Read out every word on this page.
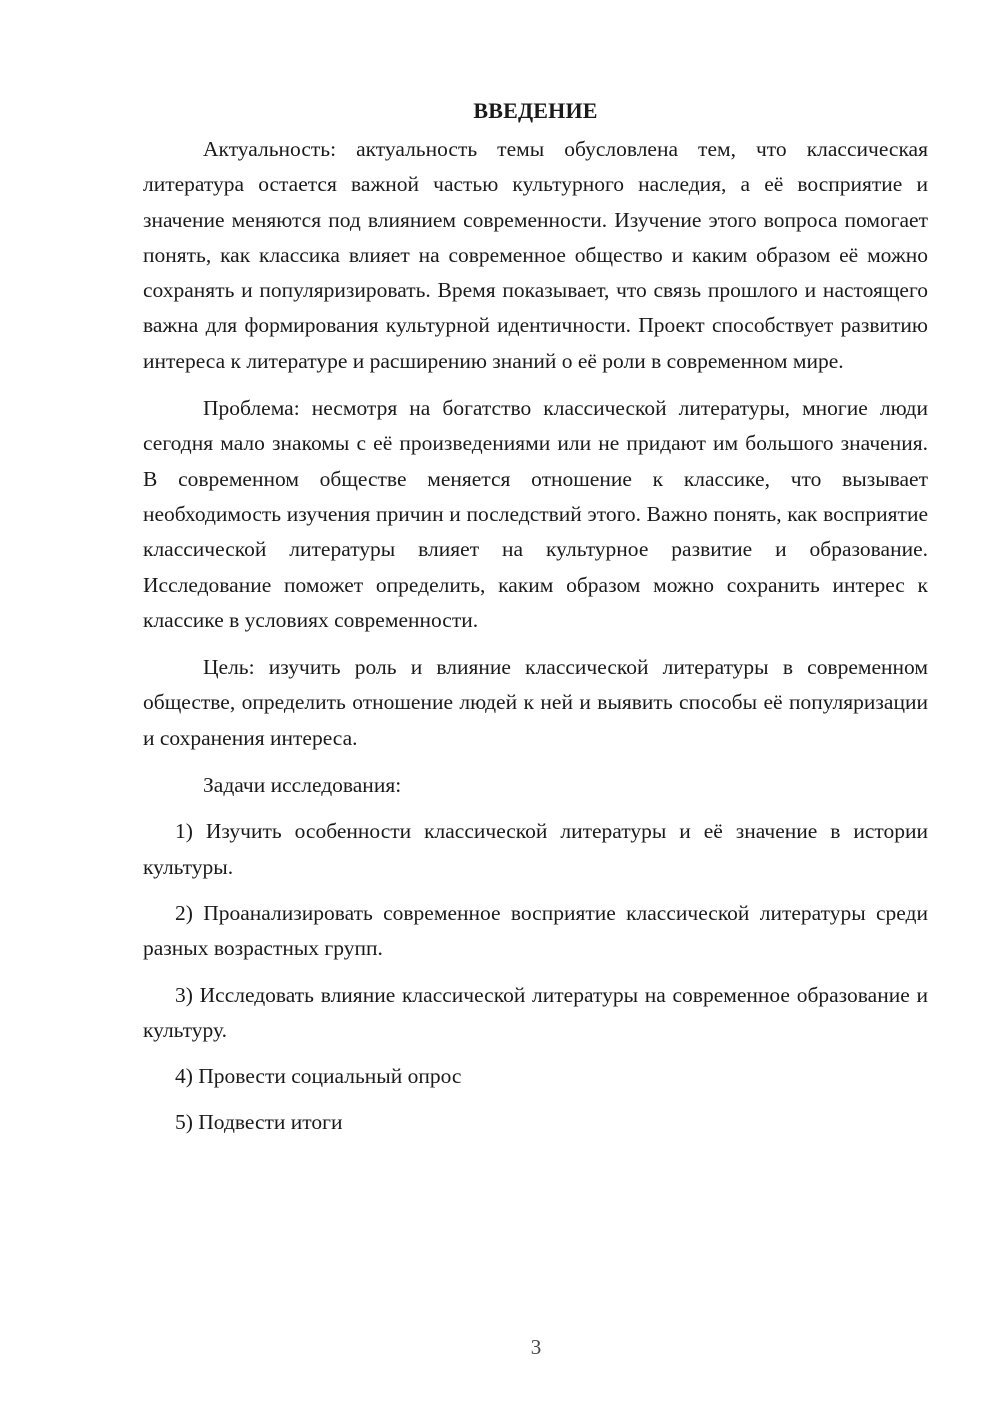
ВВЕДЕНИЕ

Актуальность: актуальность темы обусловлена тем, что классическая литература остается важной частью культурного наследия, а её восприятие и значение меняются под влиянием современности. Изучение этого вопроса помогает понять, как классика влияет на современное общество и каким образом её можно сохранять и популяризировать. Время показывает, что связь прошлого и настоящего важна для формирования культурной идентичности. Проект способствует развитию интереса к литературе и расширению знаний о её роли в современном мире.

Проблема: несмотря на богатство классической литературы, многие люди сегодня мало знакомы с её произведениями или не придают им большого значения. В современном обществе меняется отношение к классике, что вызывает необходимость изучения причин и последствий этого. Важно понять, как восприятие классической литературы влияет на культурное развитие и образование. Исследование поможет определить, каким образом можно сохранить интерес к классике в условиях современности.

Цель: изучить роль и влияние классической литературы в современном обществе, определить отношение людей к ней и выявить способы её популяризации и сохранения интереса.

Задачи исследования:

1) Изучить особенности классической литературы и её значение в истории культуры.

2) Проанализировать современное восприятие классической литературы среди разных возрастных групп.

3) Исследовать влияние классической литературы на современное образование и культуру.

4) Провести социальный опрос

5) Подвести итоги

3
